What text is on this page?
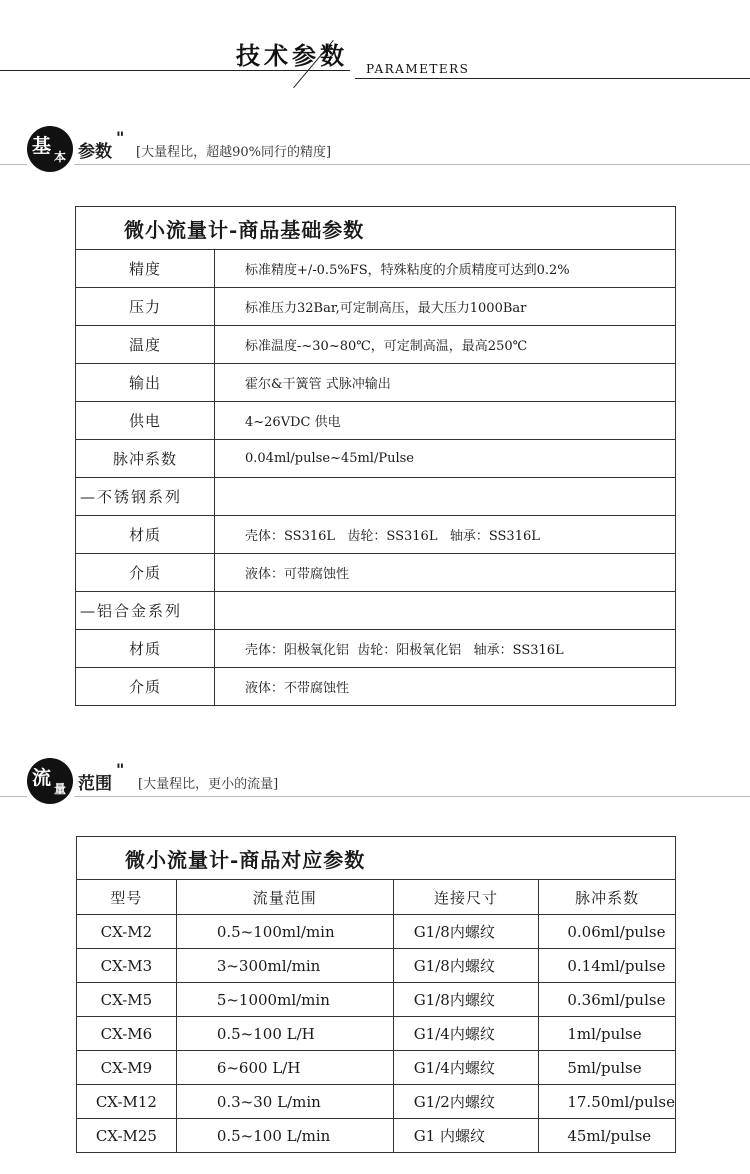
技术参数 PARAMETERS
基 本 参数
"
[大量程比，超越90%同行的精度]
微小流量计-商品基础参数	
精度	标准精度+/-0.5%FS，特殊粘度的介质精度可达到0.2%
压力	标准压力32Bar,可定制高压，最大压力1000Bar
温度	标准温度-~30~80℃，可定制高温，最高250℃
输出	霍尔&干簧管 式脉冲输出
供电	4~26VDC 供电
脉冲系数	0.04ml/pulse~45ml/Pulse
—不锈钢系列	
材质	壳体：SS316L   齿轮：SS316L   轴承：SS316L
介质	液体：可带腐蚀性
—铝合金系列	
材质	壳体：阳极氧化铝  齿轮：阳极氧化铝   轴承：SS316L
介质	液体：不带腐蚀性
流 量 范围
"
[大量程比，更小的流量]
微小流量计-商品对应参数			
型号	流量范围	连接尺寸	脉冲系数
CX-M2	0.5~100ml/min	G1/8内螺纹	0.06ml/pulse
CX-M3	3~300ml/min	G1/8内螺纹	0.14ml/pulse
CX-M5	5~1000ml/min	G1/8内螺纹	0.36ml/pulse
CX-M6	0.5~100 L/H	G1/4内螺纹	1ml/pulse
CX-M9	6~600 L/H	G1/4内螺纹	5ml/pulse
CX-M12	0.3~30 L/min	G1/2内螺纹	17.50ml/pulse
CX-M25	0.5~100 L/min	G1 内螺纹	45ml/pulse
